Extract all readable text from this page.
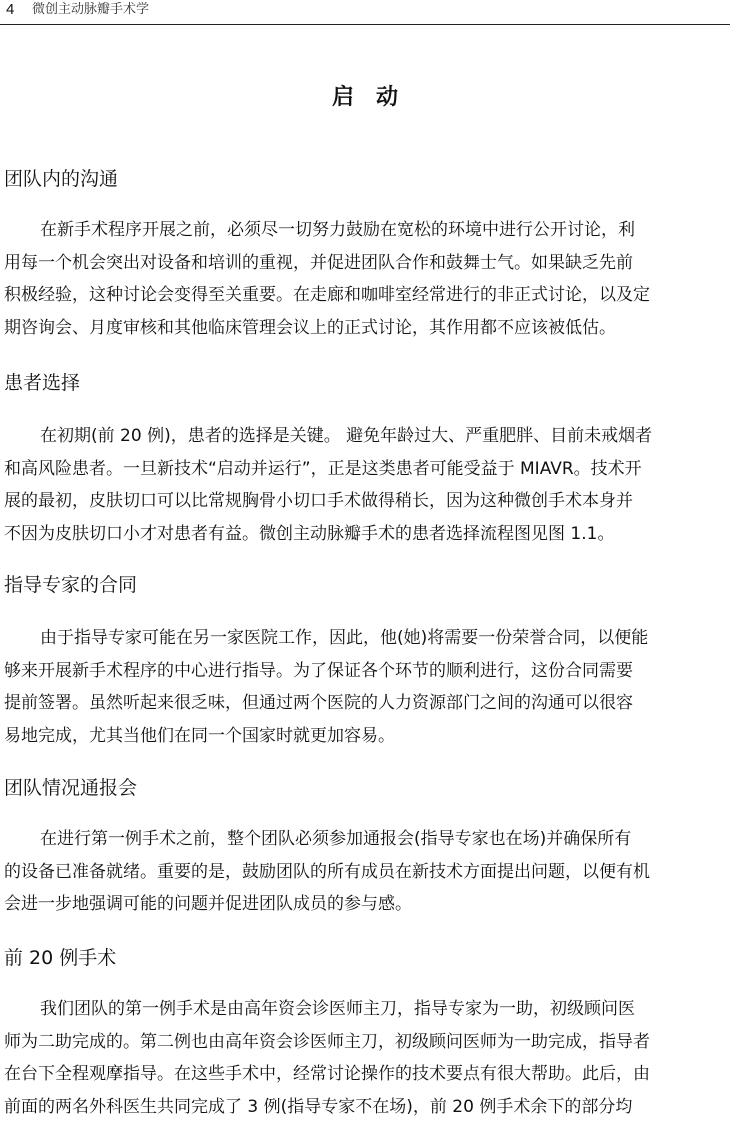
4 微创主动脉瓣手术学
启动
团队内的沟通
在新手术程序开展之前，必须尽一切努力鼓励在宽松的环境中进行公开讨论，利
用每一个机会突出对设备和培训的重视，并促进团队合作和鼓舞士气。如果缺乏先前
积极经验，这种讨论会变得至关重要。在走廊和咖啡室经常进行的非正式讨论，以及定
期咨询会、月度审核和其他临床管理会议上的正式讨论，其作用都不应该被低估。
患者选择
在初期(前 20 例)，患者的选择是关键。 避免年龄过大、严重肥胖、目前未戒烟者
和高风险患者。一旦新技术“启动并运行”，正是这类患者可能受益于 MIAVR。技术开
展的最初，皮肤切口可以比常规胸骨小切口手术做得稍长，因为这种微创手术本身并
不因为皮肤切口小才对患者有益。微创主动脉瓣手术的患者选择流程图见图 1.1。
指导专家的合同
由于指导专家可能在另一家医院工作，因此，他(她)将需要一份荣誉合同，以便能
够来开展新手术程序的中心进行指导。为了保证各个环节的顺利进行，这份合同需要
提前签署。虽然听起来很乏味，但通过两个医院的人力资源部门之间的沟通可以很容
易地完成，尤其当他们在同一个国家时就更加容易。
团队情况通报会
在进行第一例手术之前，整个团队必须参加通报会(指导专家也在场)并确保所有
的设备已准备就绪。重要的是，鼓励团队的所有成员在新技术方面提出问题，以便有机
会进一步地强调可能的问题并促进团队成员的参与感。
前 20 例手术
我们团队的第一例手术是由高年资会诊医师主刀，指导专家为一助，初级顾问医
师为二助完成的。第二例也由高年资会诊医师主刀，初级顾问医师为一助完成，指导者
在台下全程观摩指导。在这些手术中，经常讨论操作的技术要点有很大帮助。此后，由
前面的两名外科医生共同完成了 3 例(指导专家不在场)，前 20 例手术余下的部分均
